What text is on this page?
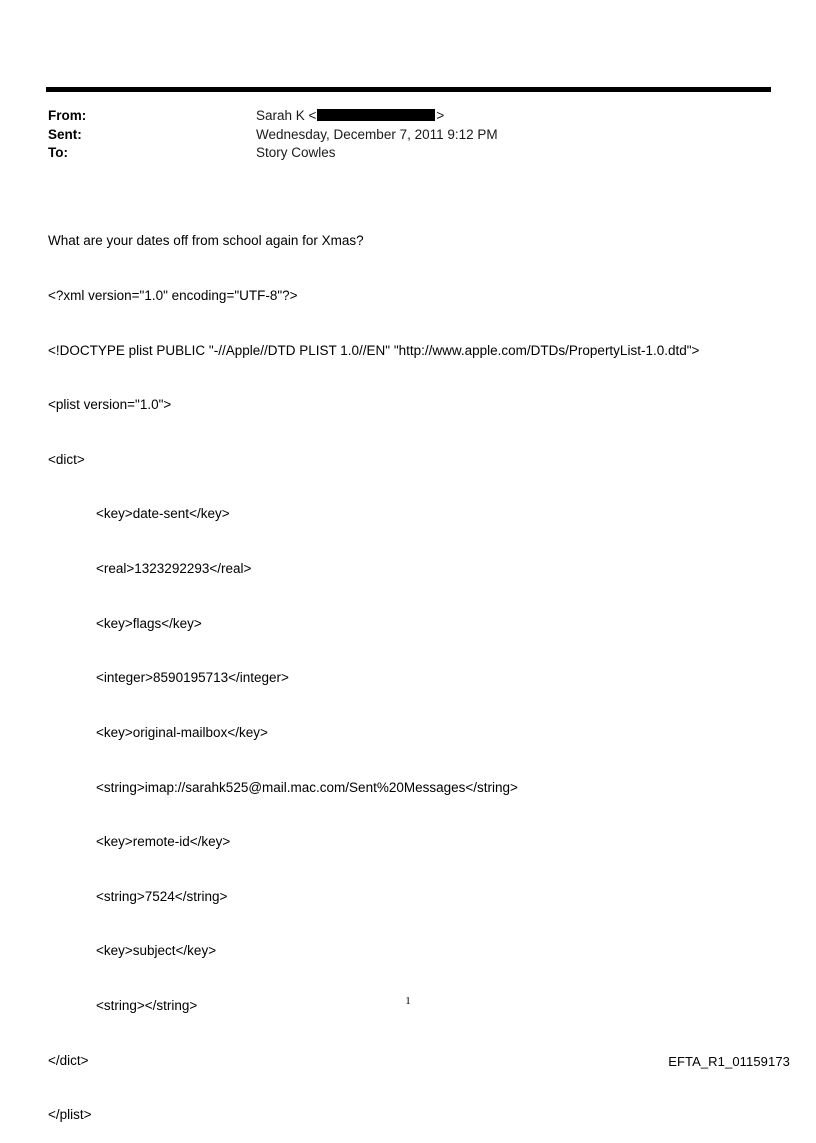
From:	Sarah K <	>
Sent:	Wednesday, December 7, 2011 9:12 PM
To:	Story Cowles

What are your dates off from school again for Xmas?

<?xml version="1.0" encoding="UTF-8"?>

<!DOCTYPE plist PUBLIC "-//Apple//DTD PLIST 1.0//EN" "http://www.apple.com/DTDs/PropertyList-1.0.dtd">

<plist version="1.0">

<dict>

<key>date-sent</key>

<real>1323292293</real>

<key>flags</key>

<integer>8590195713</integer>

<key>original-mailbox</key>

<string>imap://sarahk525@mail.mac.com/Sent%20Messages</string>

<key>remote-id</key>

<string>7524</string>

<key>subject</key>

<string></string>

</dict>

</plist>

1
EFTA_R1_01159173
